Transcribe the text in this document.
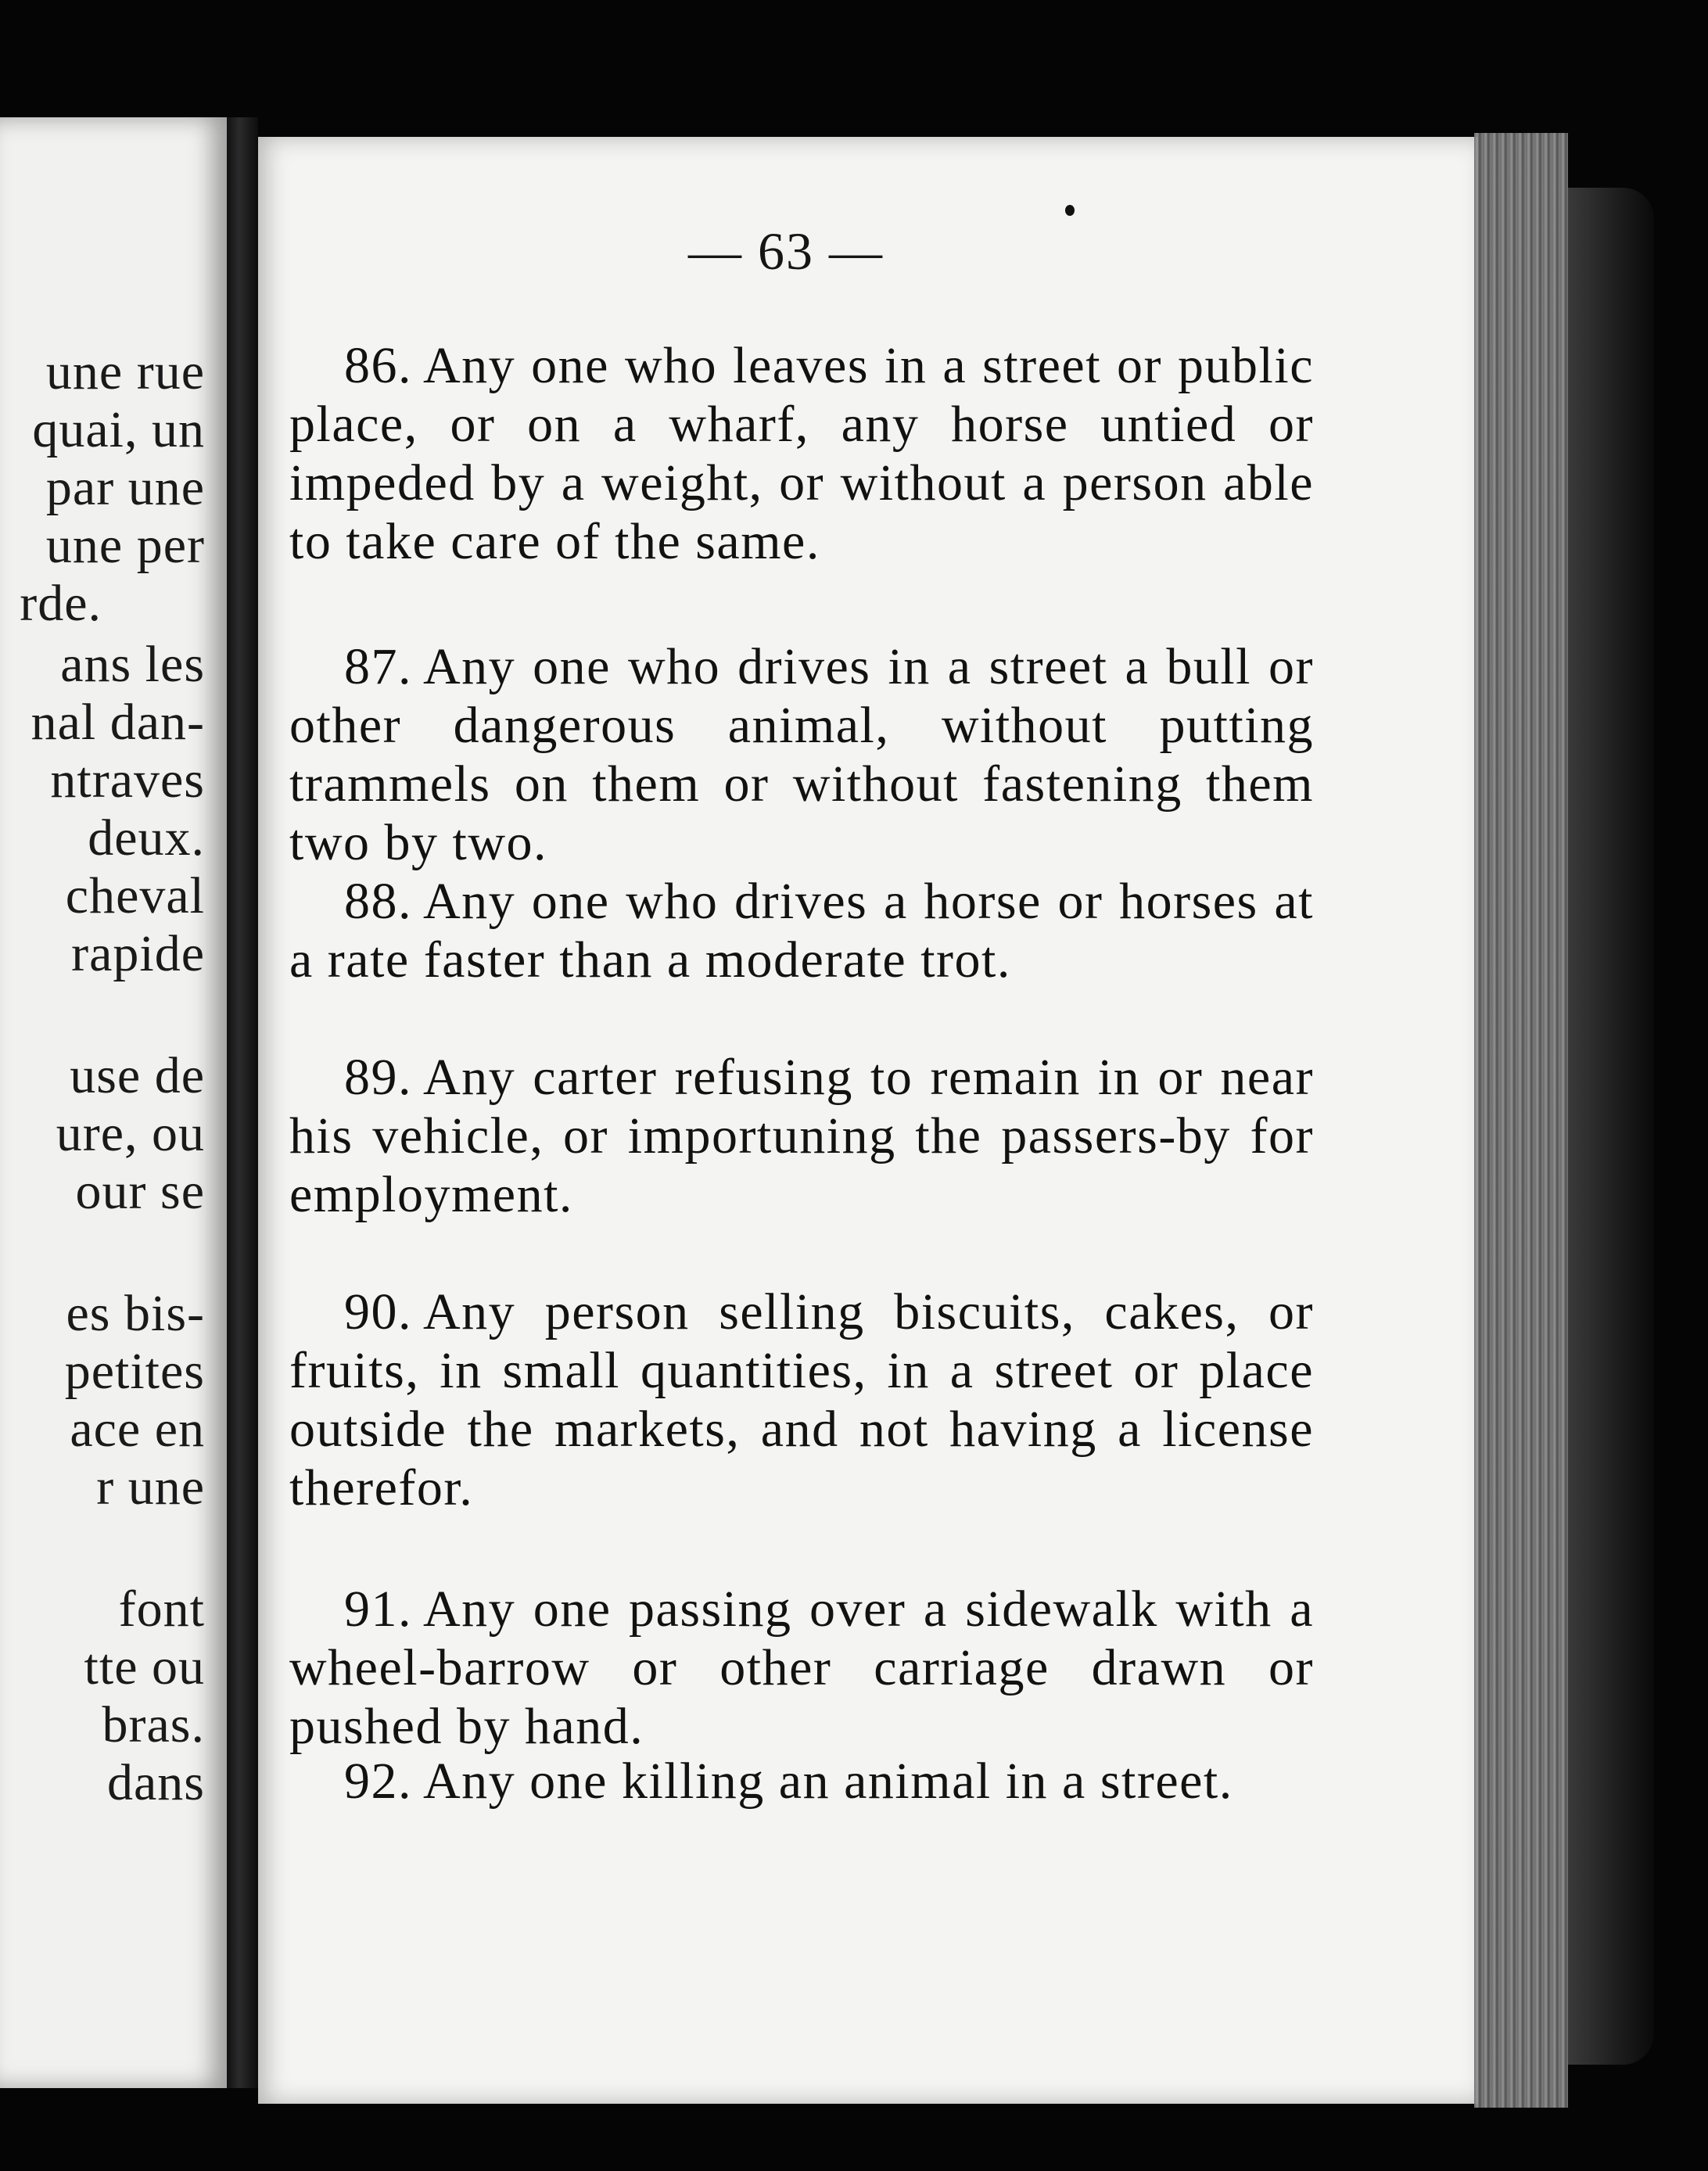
une rue
quai, un
par une
une per
rde.
ans les
nal dan-
ntraves
deux.
cheval
rapide
use de
ure, ou
our se
es bis-
petites
ace en
r une
font
tte ou
bras.
dans
— 63 —
86. Any one who leaves in a street or public place, or on a wharf, any horse untied or impeded by a weight, or without a person able to take care of the same.
87. Any one who drives in a street a bull or other dangerous animal, without putting trammels on them or without fastening them two by two.
88. Any one who drives a horse or horses at a rate faster than a moderate trot.
89. Any carter refusing to remain in or near his vehicle, or importuning the passers-by for employment.
90. Any person selling biscuits, cakes, or fruits, in small quantities, in a street or place outside the markets, and not having a license therefor.
91. Any one passing over a sidewalk with a wheel-barrow or other carriage drawn or pushed by hand.
92. Any one killing an animal in a street.
